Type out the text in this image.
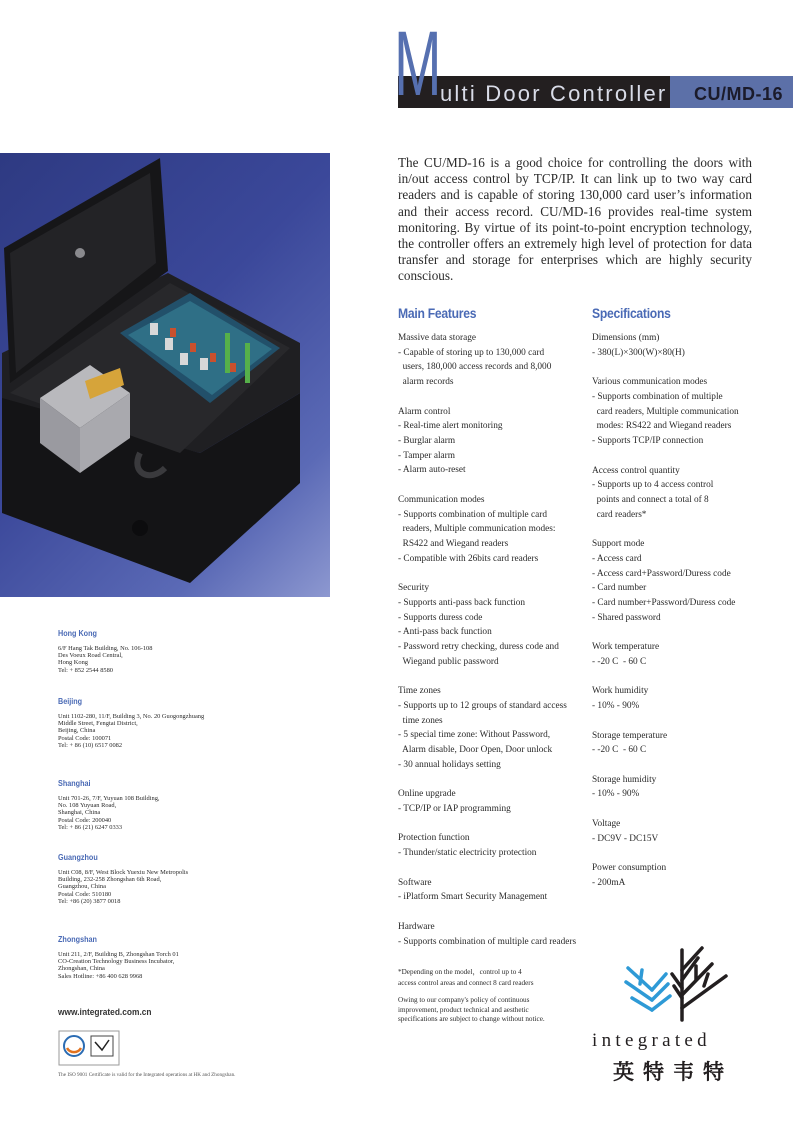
M ulti Door Controller CU/MD-16
The CU/MD-16 is a good choice for controlling the doors with in/out access control by TCP/IP. It can link up to two way card readers and is capable of storing 130,000 card user’s information and their access record. CU/MD-16 provides real-time system monitoring. By virtue of its point-to-point encryption technology, the controller offers an extremely high level of protection for data transfer and storage for enterprises which are highly security conscious.
Main Features
Massive data storage
- Capable of storing up to 130,000 card
users, 180,000 access records and 8,000
alarm records
Alarm control
- Real-time alert monitoring
- Burglar alarm
- Tamper alarm
- Alarm auto-reset
Communication modes
- Supports combination of multiple card
readers, Multiple communication modes:
RS422 and Wiegand readers
- Compatible with 26bits card readers
Security
- Supports anti-pass back function
- Supports duress code
- Anti-pass back function
- Password retry checking, duress code and
Wiegand public password
Time zones
- Supports up to 12 groups of standard access
time zones
- 5 special time zone: Without Password,
Alarm disable, Door Open, Door unlock
- 30 annual holidays setting
Online upgrade
- TCP/IP or IAP programming
Protection function
- Thunder/static electricity protection
Software
- iPlatform Smart Security Management
Hardware
- Supports combination of multiple card readers
Specifications
Dimensions (mm)
- 380(L)×300(W)×80(H)
Various communication modes
- Supports combination of multiple
card readers, Multiple communication
modes: RS422 and Wiegand readers
- Supports TCP/IP connection
Access control quantity
- Supports up to 4 access control
points and connect a total of 8
card readers*
Support mode
- Access card
- Access card+Password/Duress code
- Card number
- Card number+Password/Duress code
- Shared password
Work temperature
- -20 C  - 60 C
Work humidity
- 10% - 90%
Storage temperature
- -20 C  - 60 C
Storage humidity
- 10% - 90%
Voltage
- DC9V - DC15V
Power consumption
- 200mA
Hong Kong
6/F Hang Tak Building, No. 106-108
Des Voeux Road Central,
Hong Kong
Tel: + 852 2544 8580
Beijing
Unit 1102-280, 11/F, Building 3, No. 20 Guogongzhuang
Middle Street, Fengtai District,
Beijing, China
Postal Code: 100071
Tel: + 86 (10) 6517 0082
Shanghai
Unit 701-26, 7/F, Yuyuan 108 Building,
No. 108 Yuyuan Road,
Shanghai, China
Postal Code: 200040
Tel: + 86 (21) 6247 0333
Guangzhou
Unit C08, 8/F, West Block Yuexiu New Metropolis
Building, 232-258 Zhongshan 6th Road,
Guangzhou, China
Postal Code: 510180
Tel: +86 (20) 3877 0018
Zhongshan
Unit 211, 2/F, Building B, Zhongshan Torch 01
CO-Creation Technology Business Incubator,
Zhongshan, China
Sales Hotline: +86 400 628 9968
www.integrated.com.cn
The ISO 9001 Certificate is valid for the Integrated operations at HK and Zhongshan.
*Depending on the model，control up to 4
access control areas and connect 8 card readers
Owing to our company's policy of continuous
improvement, product technical and aesthetic
specifications are subject to change without notice.
integrated
英特韦特
